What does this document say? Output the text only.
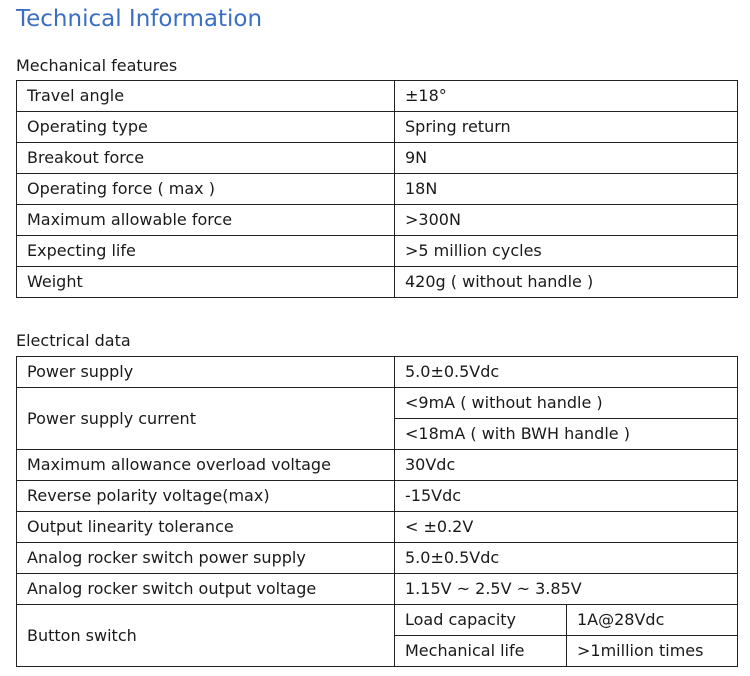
Technical Information
Mechanical features
Travel angle	±18°
Operating type	Spring return
Breakout force	9N
Operating force ( max )	18N
Maximum allowable force	>300N
Expecting life	>5 million cycles
Weight	420g ( without handle )
Electrical data
Power supply	5.0±0.5Vdc	
Power supply current	<9mA ( without handle )	
	<18mA ( with BWH handle )	
Maximum allowance overload voltage	30Vdc	
Reverse polarity voltage(max)	-15Vdc	
Output linearity tolerance	< ±0.2V	
Analog rocker switch power supply	5.0±0.5Vdc	
Analog rocker switch output voltage	1.15V ~ 2.5V ~ 3.85V	
Button switch	Load capacity	1A@28Vdc
	Mechanical life	>1million times
